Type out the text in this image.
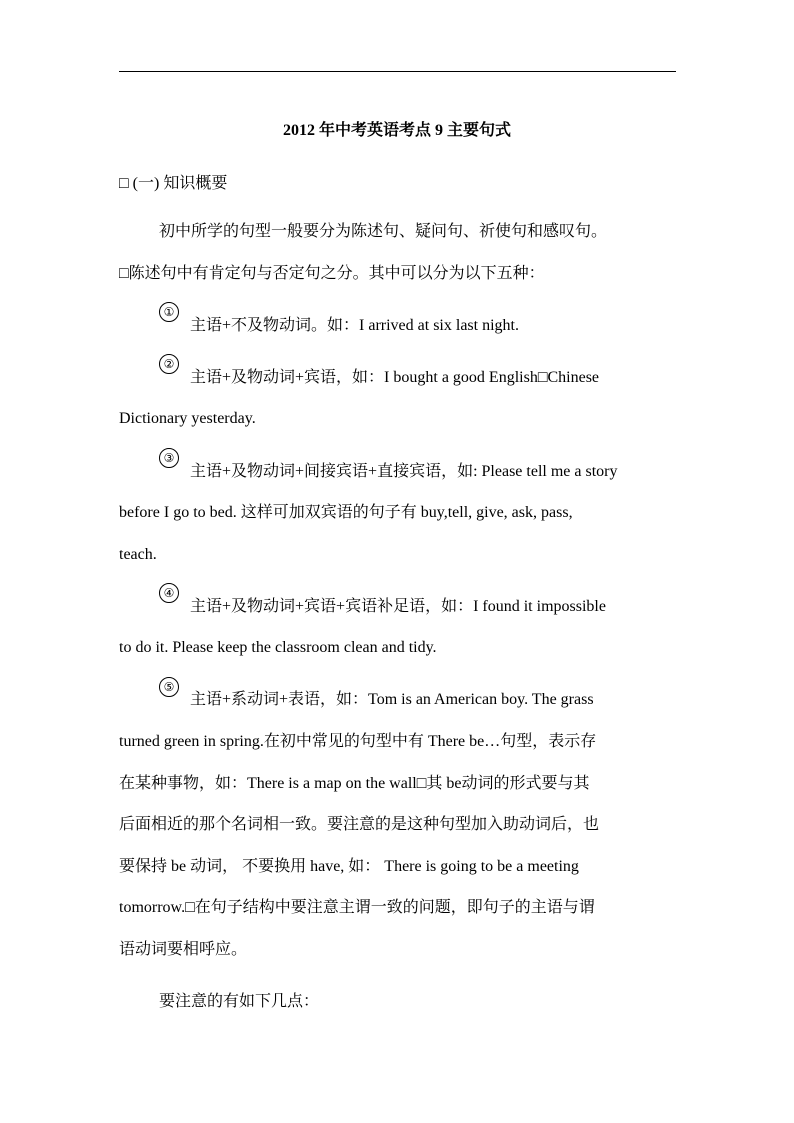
2012 年中考英语考点 9 主要句式
□ (一) 知识概要
初中所学的句型一般要分为陈述句、疑问句、祈使句和感叹句。
□陈述句中有肯定句与否定句之分。其中可以分为以下五种：
①
主语+不及物动词。如：I arrived at six last night.
②
主语+及物动词+宾语，如：I bought a good English□Chinese
Dictionary yesterday.
③
主语+及物动词+间接宾语+直接宾语，如: Please tell me a story
before I go to bed. 这样可加双宾语的句子有 buy,tell, give, ask, pass,
teach.
④
主语+及物动词+宾语+宾语补足语，如：I found it impossible
to do it. Please keep the classroom clean and tidy.
⑤
主语+系动词+表语，如：Tom is an American boy. The grass
turned green in spring.在初中常见的句型中有 There be…句型，表示存
在某种事物，如：There is a map on the wall□其 be动词的形式要与其
后面相近的那个名词相一致。要注意的是这种句型加入助动词后，也
要保持 be 动词， 不要换用 have, 如： There is going to be a meeting
tomorrow.□在句子结构中要注意主谓一致的问题，即句子的主语与谓
语动词要相呼应。
要注意的有如下几点：
